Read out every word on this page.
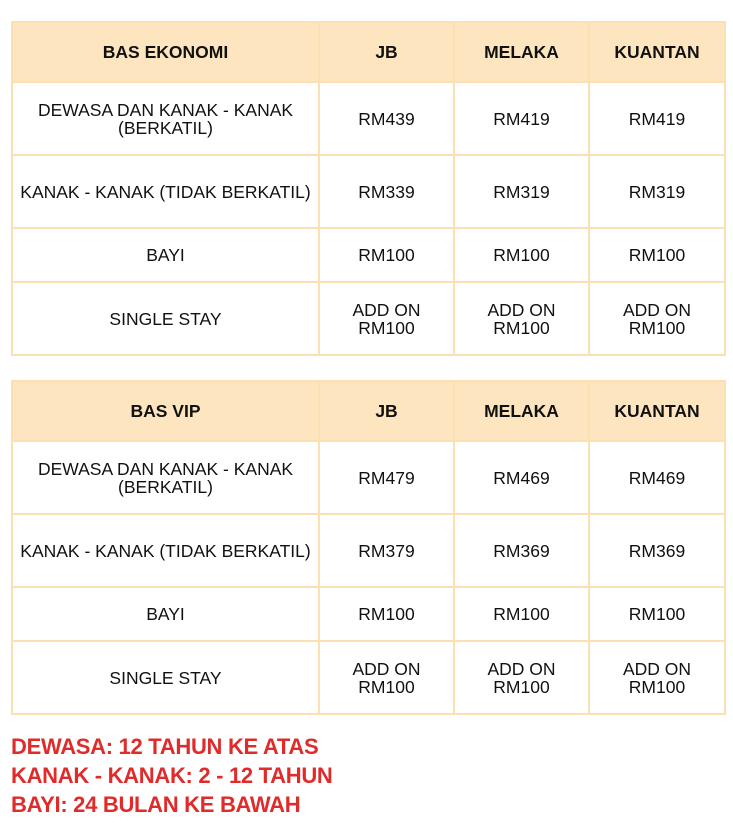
BAS EKONOMI	JB	MELAKA	KUANTAN
DEWASA DAN KANAK - KANAK (BERKATIL)	RM439	RM419	RM419
KANAK - KANAK (TIDAK BERKATIL)	RM339	RM319	RM319
BAYI	RM100	RM100	RM100
SINGLE STAY	ADD ON RM100	ADD ON RM100	ADD ON RM100
BAS VIP	JB	MELAKA	KUANTAN
DEWASA DAN KANAK - KANAK (BERKATIL)	RM479	RM469	RM469
KANAK - KANAK (TIDAK BERKATIL)	RM379	RM369	RM369
BAYI	RM100	RM100	RM100
SINGLE STAY	ADD ON RM100	ADD ON RM100	ADD ON RM100
DEWASA: 12 TAHUN KE ATAS
KANAK - KANAK: 2 - 12 TAHUN
BAYI: 24 BULAN KE BAWAH
